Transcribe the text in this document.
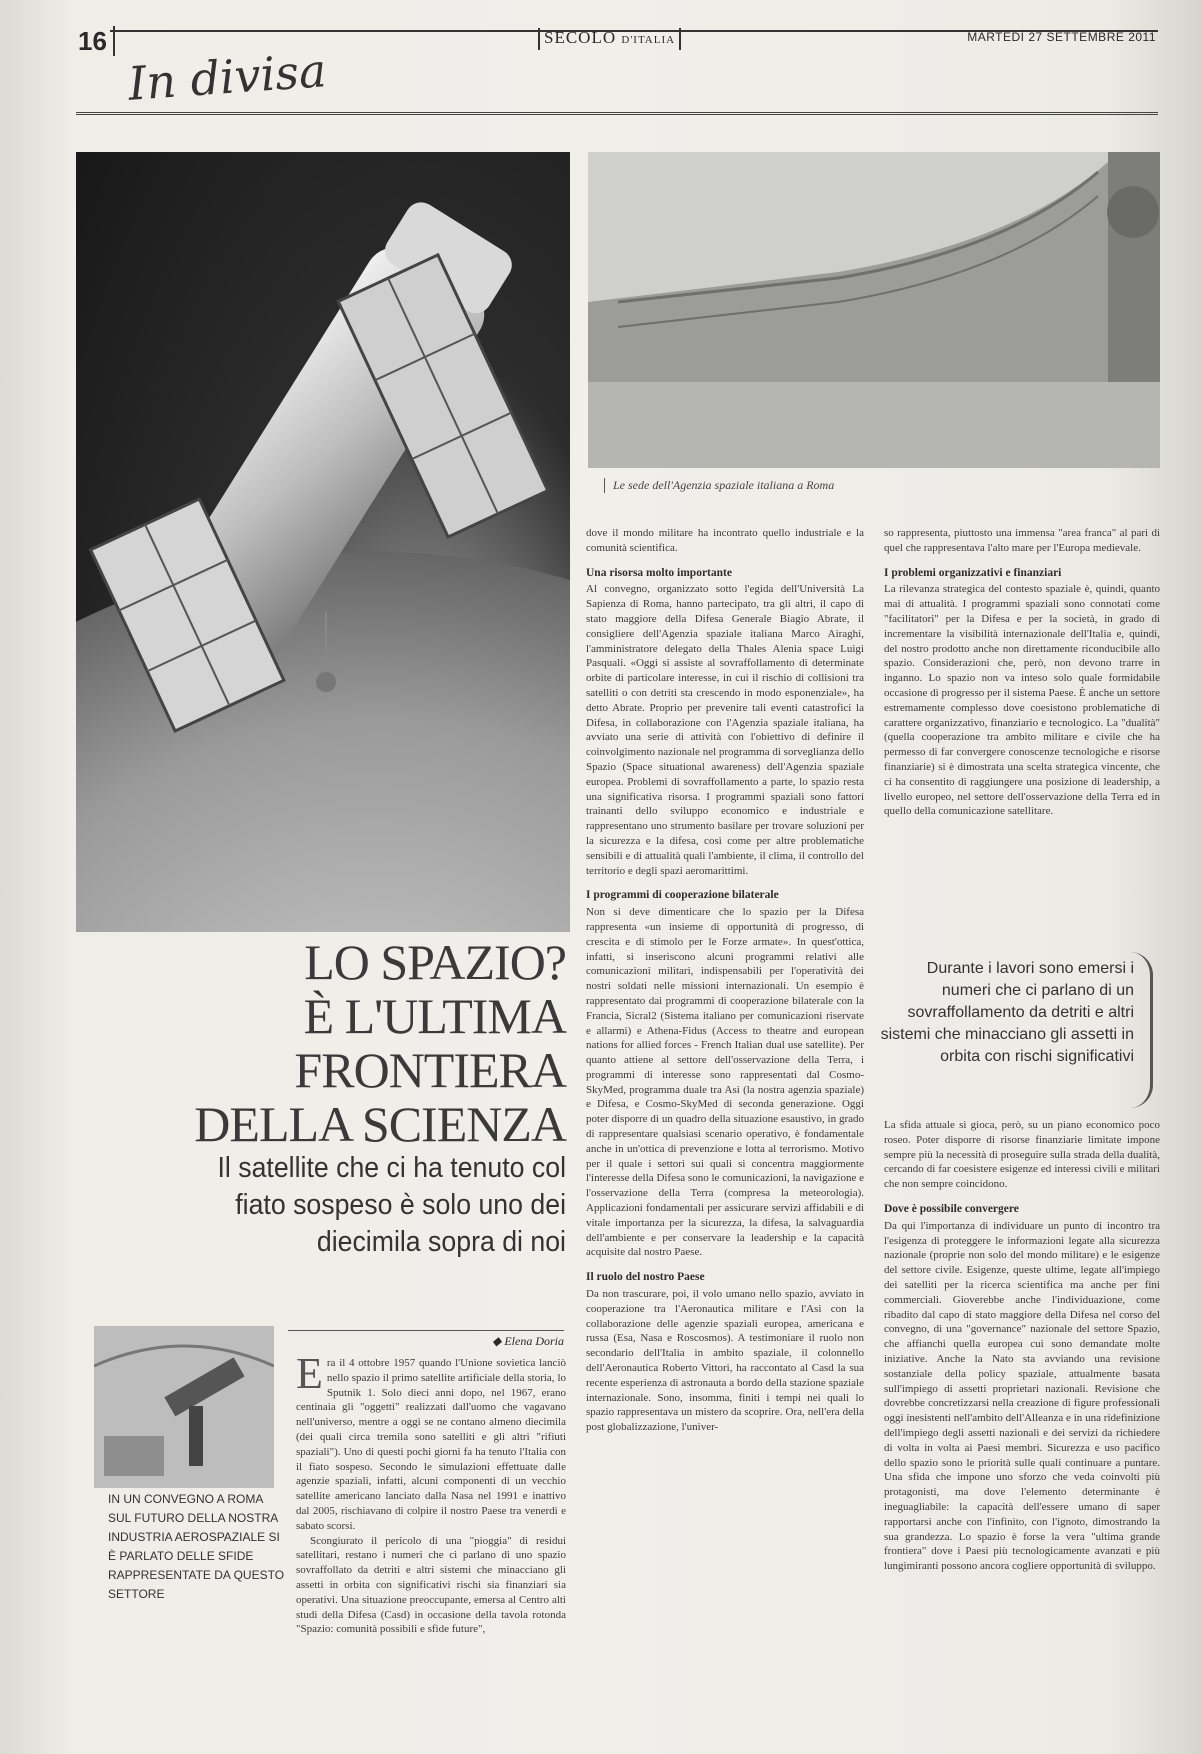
16	SECOLO D'ITALIA	MARTEDÌ 27 SETTEMBRE 2011
In divisa
Le sede dell'Agenzia spaziale italiana a Roma
LO SPAZIO?
È L'ULTIMA
FRONTIERA
DELLA SCIENZA
Il satellite che ci ha tenuto col fiato sospeso è solo uno dei diecimila sopra di noi
◆ Elena Doria
IN UN CONVEGNO A ROMA SUL FUTURO DELLA NOSTRA INDUSTRIA AEROSPAZIALE SI È PARLATO DELLE SFIDE RAPPRESENTATE DA QUESTO SETTORE
E ra il 4 ottobre 1957 quando l'Unione sovietica lanciò nello spazio il primo satellite artificiale della storia, lo Sputnik 1. Solo dieci anni dopo, nel 1967, erano centinaia gli "oggetti" realizzati dall'uomo che vagavano nell'universo, mentre a oggi se ne contano almeno diecimila (dei quali circa tremila sono satelliti e gli altri "rifiuti spaziali"). Uno di questi pochi giorni fa ha tenuto l'Italia con il fiato sospeso. Secondo le simulazioni effettuate dalle agenzie spaziali, infatti, alcuni componenti di un vecchio satellite americano lanciato dalla Nasa nel 1991 e inattivo dal 2005, rischiavano di colpire il nostro Paese tra venerdì e sabato scorsi.

Scongiurato il pericolo di una "pioggia" di residui satellitari, restano i numeri che ci parlano di uno spazio sovraffollato da detriti e altri sistemi che minacciano gli assetti in orbita con significativi rischi sia finanziari sia operativi. Una situazione preoccupante, emersa al Centro alti studi della Difesa (Casd) in occasione della tavola rotonda "Spazio: comunità possibili e sfide future",

dove il mondo militare ha incontrato quello industriale e la comunità scientifica.

Una risorsa molto importante

Al convegno, organizzato sotto l'egida dell'Università La Sapienza di Roma, hanno partecipato, tra gli altri, il capo di stato maggiore della Difesa Generale Biagio Abrate, il consigliere dell'Agenzia spaziale italiana Marco Airaghi, l'amministratore delegato della Thales Alenia space Luigi Pasquali. «Oggi si assiste al sovraffollamento di determinate orbite di particolare interesse, in cui il rischio di collisioni tra satelliti o con detriti sta crescendo in modo esponenziale», ha detto Abrate. Proprio per prevenire tali eventi catastrofici la Difesa, in collaborazione con l'Agenzia spaziale italiana, ha avviato una serie di attività con l'obiettivo di definire il coinvolgimento nazionale nel programma di sorveglianza dello Spazio (Space situational awareness) dell'Agenzia spaziale europea. Problemi di sovraffollamento a parte, lo spazio resta una significativa risorsa. I programmi spaziali sono fattori trainanti dello sviluppo economico e industriale e rappresentano uno strumento basilare per trovare soluzioni per la sicurezza e la difesa, così come per altre problematiche sensibili e di attualità quali l'ambiente, il clima, il controllo del territorio e degli spazi aeromarittimi.

I programmi di cooperazione bilaterale

Non si deve dimenticare che lo spazio per la Difesa rappresenta «un insieme di opportunità di progresso, di crescita e di stimolo per le Forze armate». In quest'ottica, infatti, si inseriscono alcuni programmi relativi alle comunicazioni militari, indispensabili per l'operatività dei nostri soldati nelle missioni internazionali. Un esempio è rappresentato dai programmi di cooperazione bilaterale con la Francia, Sicral2 (Sistema italiano per comunicazioni riservate e allarmi) e Athena-Fidus (Access to theatre and european nations for allied forces - French Italian dual use satellite). Per quanto attiene al settore dell'osservazione della Terra, i programmi di interesse sono rappresentati dal Cosmo-SkyMed, programma duale tra Asi (la nostra agenzia spaziale) e Difesa, e Cosmo-SkyMed di seconda generazione. Oggi poter disporre di un quadro della situazione esaustivo, in grado di rappresentare qualsiasi scenario operativo, è fondamentale anche in un'ottica di prevenzione e lotta al terrorismo. Motivo per il quale i settori sui quali si concentra maggiormente l'interesse della Difesa sono le comunicazioni, la navigazione e l'osservazione della Terra (compresa la meteorologia). Applicazioni fondamentali per assicurare servizi affidabili e di vitale importanza per la sicurezza, la difesa, la salvaguardia dell'ambiente e per conservare la leadership e la capacità acquisite dal nostro Paese.

Il ruolo del nostro Paese

Da non trascurare, poi, il volo umano nello spazio, avviato in cooperazione tra l'Aeronautica militare e l'Asi con la collaborazione delle agenzie spaziali europea, americana e russa (Esa, Nasa e Roscosmos). A testimoniare il ruolo non secondario dell'Italia in ambito spaziale, il colonnello dell'Aeronautica Roberto Vittori, ha raccontato al Casd la sua recente esperienza di astronauta a bordo della stazione spaziale internazionale. Sono, insomma, finiti i tempi nei quali lo spazio rappresentava un mistero da scoprire. Ora, nell'era della post globalizzazione, l'univer-

so rappresenta, piuttosto una immensa "area franca" al pari di quel che rappresentava l'alto mare per l'Europa medievale.

I problemi organizzativi e finanziari

La rilevanza strategica del contesto spaziale è, quindi, quanto mai di attualità. I programmi spaziali sono connotati come "facilitatori" per la Difesa e per la società, in grado di incrementare la visibilità internazionale dell'Italia e, quindi, del nostro prodotto anche non direttamente riconducibile allo spazio. Considerazioni che, però, non devono trarre in inganno. Lo spazio non va inteso solo quale formidabile occasione di progresso per il sistema Paese. È anche un settore estremamente complesso dove coesistono problematiche di carattere organizzativo, finanziario e tecnologico. La "dualità" (quella cooperazione tra ambito militare e civile che ha permesso di far convergere conoscenze tecnologiche e risorse finanziarie) si è dimostrata una scelta strategica vincente, che ci ha consentito di raggiungere una posizione di leadership, a livello europeo, nel settore dell'osservazione della Terra ed in quello della comunicazione satellitare.

Durante i lavori sono emersi i numeri che ci parlano di un sovraffollamento da detriti e altri sistemi che minacciano gli assetti in orbita con rischi significativi

La sfida attuale si gioca, però, su un piano economico poco roseo. Poter disporre di risorse finanziarie limitate impone sempre più la necessità di proseguire sulla strada della dualità, cercando di far coesistere esigenze ed interessi civili e militari che non sempre coincidono.

Dove è possibile convergere

Da qui l'importanza di individuare un punto di incontro tra l'esigenza di proteggere le informazioni legate alla sicurezza nazionale (proprie non solo del mondo militare) e le esigenze del settore civile. Esigenze, queste ultime, legate all'impiego dei satelliti per la ricerca scientifica ma anche per fini commerciali. Gioverebbe anche l'individuazione, come ribadito dal capo di stato maggiore della Difesa nel corso del convegno, di una "governance" nazionale del settore Spazio, che affianchi quella europea cui sono demandate molte iniziative. Anche la Nato sta avviando una revisione sostanziale della policy spaziale, attualmente basata sull'impiego di assetti proprietari nazionali. Revisione che dovrebbe concretizzarsi nella creazione di figure professionali oggi inesistenti nell'ambito dell'Alleanza e in una ridefinizione dell'impiego degli assetti nazionali e dei servizi da richiedere di volta in volta ai Paesi membri. Sicurezza e uso pacifico dello spazio sono le priorità sulle quali continuare a puntare. Una sfida che impone uno sforzo che veda coinvolti più protagonisti, ma dove l'elemento determinante è ineguagliabile: la capacità dell'essere umano di saper rapportarsi anche con l'infinito, con l'ignoto, dimostrando la sua grandezza. Lo spazio è forse la vera "ultima grande frontiera" dove i Paesi più tecnologicamente avanzati e più lungimiranti possono ancora cogliere opportunità di sviluppo.
